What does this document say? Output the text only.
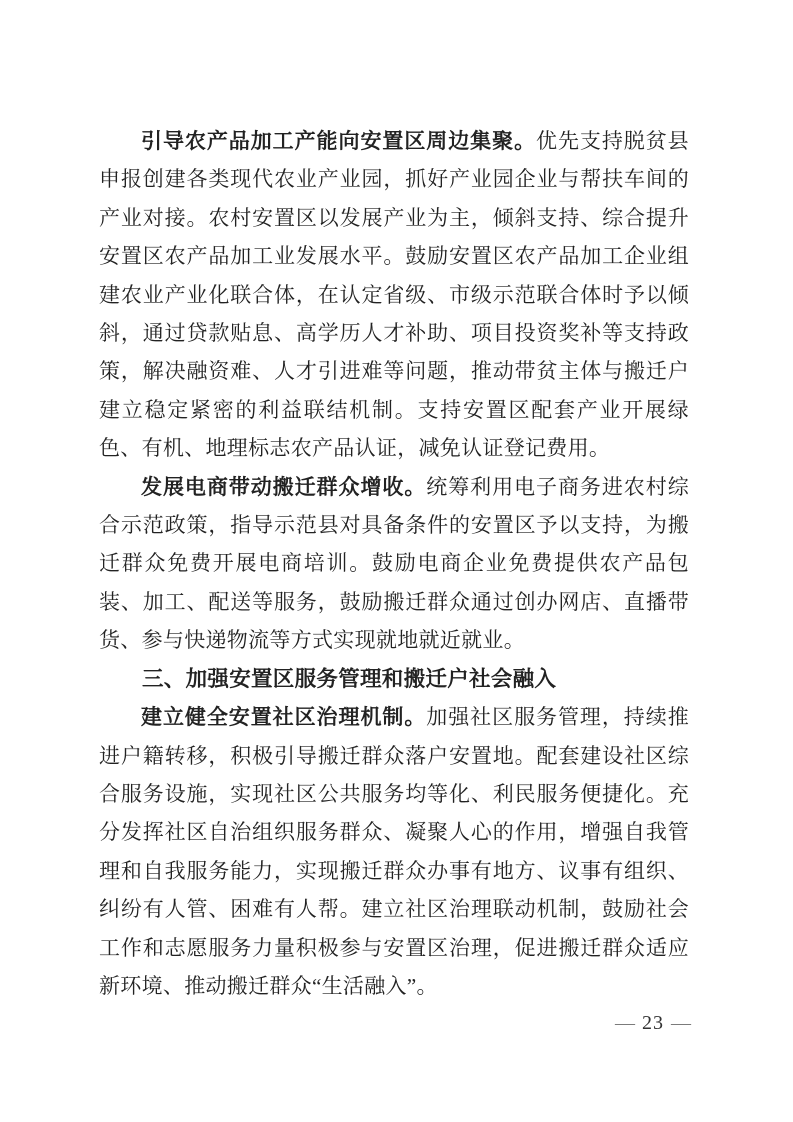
引导农产品加工产能向安置区周边集聚。优先支持脱贫县申报创建各类现代农业产业园，抓好产业园企业与帮扶车间的产业对接。农村安置区以发展产业为主，倾斜支持、综合提升安置区农产品加工业发展水平。鼓励安置区农产品加工企业组建农业产业化联合体，在认定省级、市级示范联合体时予以倾斜，通过贷款贴息、高学历人才补助、项目投资奖补等支持政策，解决融资难、人才引进难等问题，推动带贫主体与搬迁户建立稳定紧密的利益联结机制。支持安置区配套产业开展绿色、有机、地理标志农产品认证，减免认证登记费用。

发展电商带动搬迁群众增收。统筹利用电子商务进农村综合示范政策，指导示范县对具备条件的安置区予以支持，为搬迁群众免费开展电商培训。鼓励电商企业免费提供农产品包装、加工、配送等服务，鼓励搬迁群众通过创办网店、直播带货、参与快递物流等方式实现就地就近就业。

三、加强安置区服务管理和搬迁户社会融入

建立健全安置社区治理机制。加强社区服务管理，持续推进户籍转移，积极引导搬迁群众落户安置地。配套建设社区综合服务设施，实现社区公共服务均等化、利民服务便捷化。充分发挥社区自治组织服务群众、凝聚人心的作用，增强自我管理和自我服务能力，实现搬迁群众办事有地方、议事有组织、纠纷有人管、困难有人帮。建立社区治理联动机制，鼓励社会工作和志愿服务力量积极参与安置区治理，促进搬迁群众适应新环境、推动搬迁群众“生活融入”。

— 23 —
